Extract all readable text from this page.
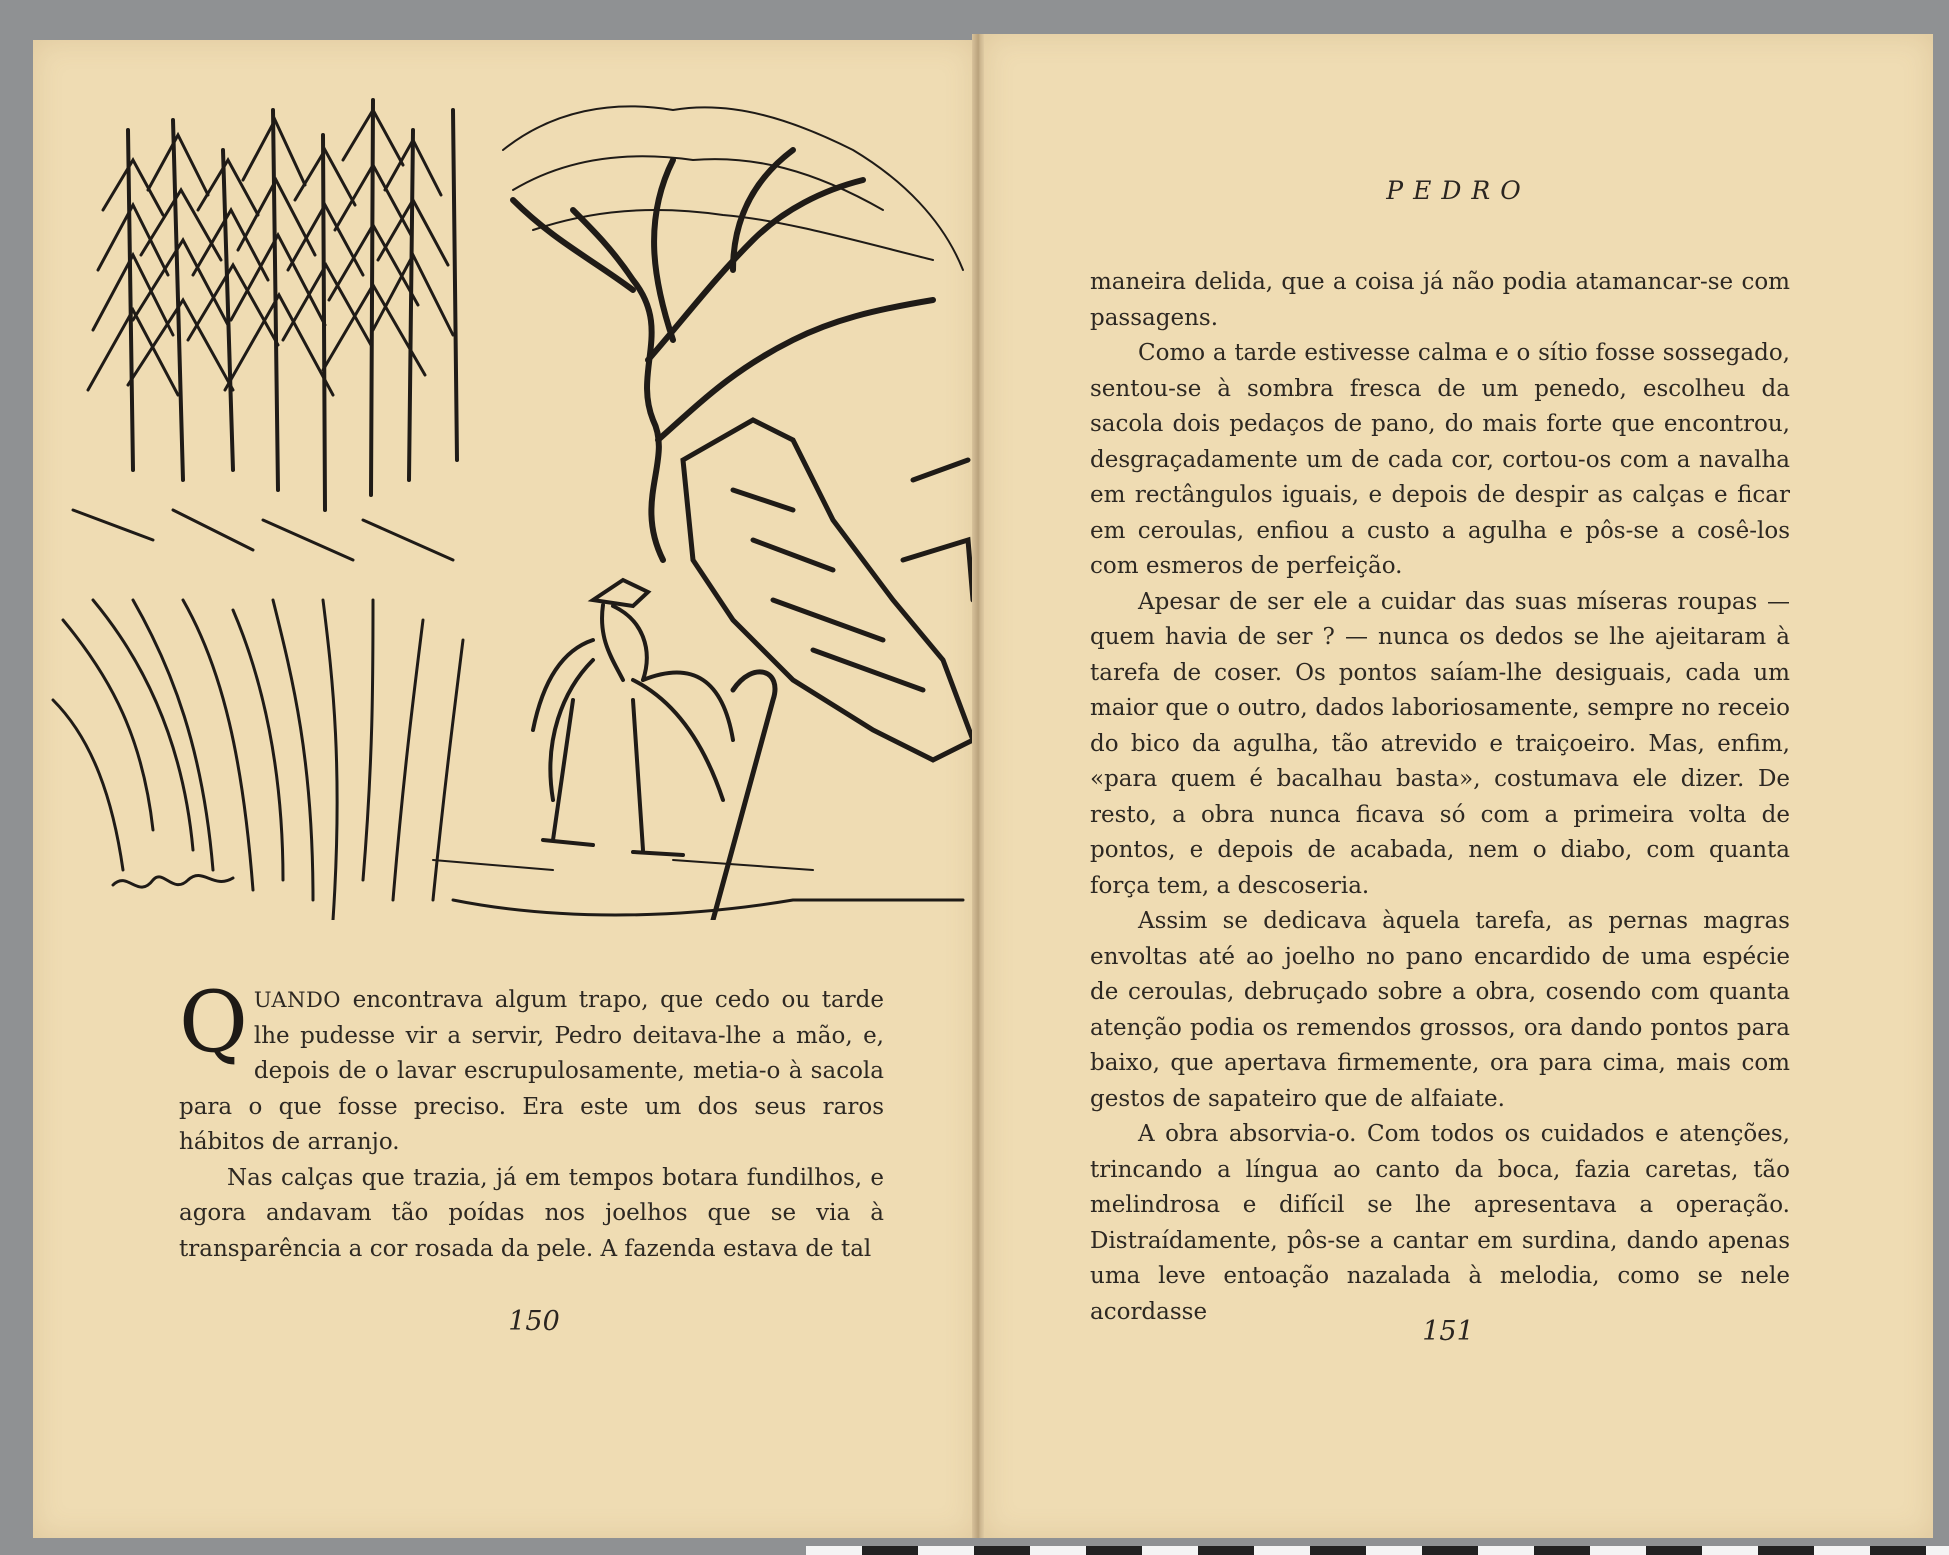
QUANDO encontrava algum trapo, que cedo ou tarde lhe pudesse vir a servir, Pedro deitava-lhe a mão, e, depois de o lavar escrupulosamente, metia-o à sacola para o que fosse preciso. Era este um dos seus raros hábitos de arranjo.

Nas calças que trazia, já em tempos botara fundilhos, e agora andavam tão poídas nos joelhos que se via à transparência a cor rosada da pele. A fazenda estava de tal

150
PEDRO

maneira delida, que a coisa já não podia atamancar-se com passagens.

Como a tarde estivesse calma e o sítio fosse sossegado, sentou-se à sombra fresca de um penedo, escolheu da sacola dois pedaços de pano, do mais forte que encontrou, desgraçadamente um de cada cor, cortou-os com a navalha em rectângulos iguais, e depois de despir as calças e ficar em ceroulas, enfiou a custo a agulha e pôs-se a cosê-los com esmeros de perfeição.

Apesar de ser ele a cuidar das suas míseras roupas — quem havia de ser ? — nunca os dedos se lhe ajeitaram à tarefa de coser. Os pontos saíam-lhe desiguais, cada um maior que o outro, dados laboriosamente, sempre no receio do bico da agulha, tão atrevido e traiçoeiro. Mas, enfim, «para quem é bacalhau basta», costumava ele dizer. De resto, a obra nunca ficava só com a primeira volta de pontos, e depois de acabada, nem o diabo, com quanta força tem, a descoseria.

Assim se dedicava àquela tarefa, as pernas magras envoltas até ao joelho no pano encardido de uma espécie de ceroulas, debruçado sobre a obra, cosendo com quanta atenção podia os remendos grossos, ora dando pontos para baixo, que apertava firmemente, ora para cima, mais com gestos de sapateiro que de alfaiate.

A obra absorvia-o. Com todos os cuidados e atenções, trincando a língua ao canto da boca, fazia caretas, tão melindrosa e difícil se lhe apresentava a operação. Distraídamente, pôs-se a cantar em surdina, dando apenas uma leve entoação nazalada à melodia, como se nele acordasse

151
